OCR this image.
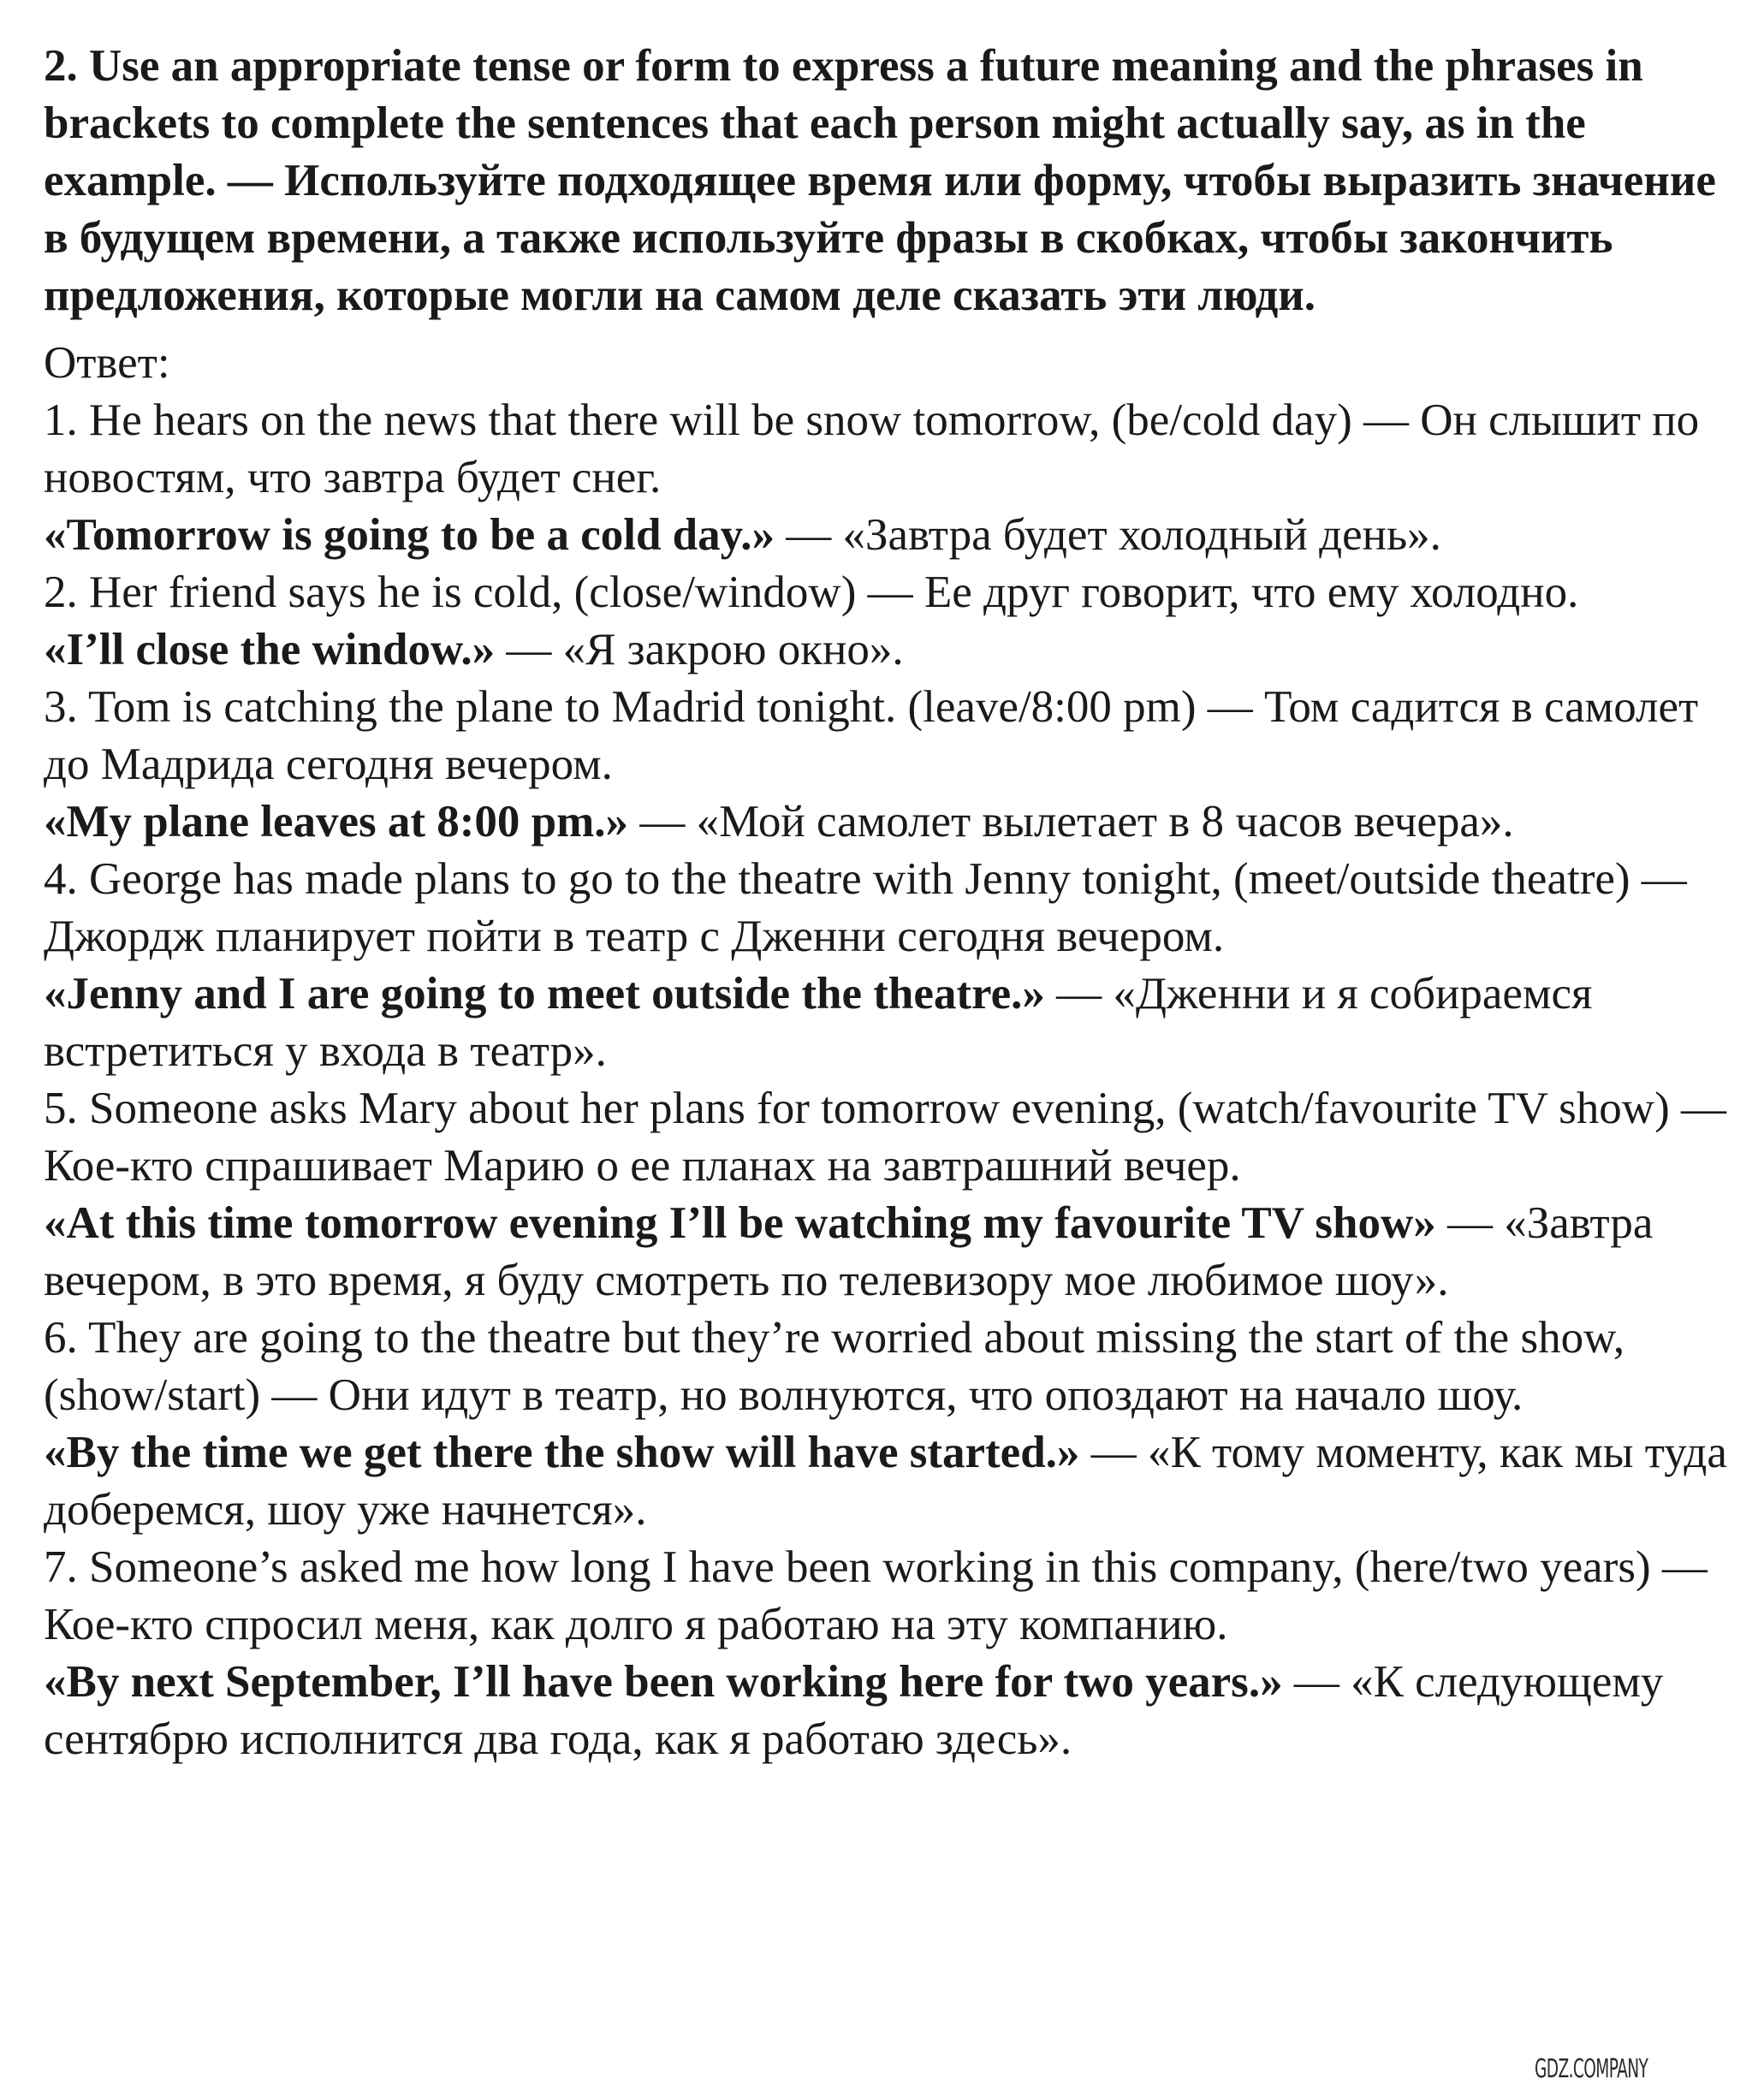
2. Use an appropriate tense or form to express a future meaning and the phrases in brackets to complete the sentences that each person might actually say, as in the example. — Используйте подходящее время или форму, чтобы выразить значение в будущем времени, а также используйте фразы в скобках, чтобы закончить предложения, которые могли на самом деле сказать эти люди.

Ответ:

1. He hears on the news that there will be snow tomorrow, (be/cold day) — Он слышит по новостям, что завтра будет снег.

«Tomorrow is going to be a cold day.» — «Завтра будет холодный день».

2. Her friend says he is cold, (close/window) — Ее друг говорит, что ему холодно.

«I’ll close the window.» — «Я закрою окно».

3. Tom is catching the plane to Madrid tonight. (leave/8:00 pm) — Том садится в самолет до Мадрида сегодня вечером.

«My plane leaves at 8:00 pm.» — «Мой самолет вылетает в 8 часов вечера».

4. George has made plans to go to the theatre with Jenny tonight, (meet/outside theatre) — Джордж планирует пойти в театр с Дженни сегодня вечером.

«Jenny and I are going to meet outside the theatre.» — «Дженни и я собираемся встретиться у входа в театр».

5. Someone asks Mary about her plans for tomorrow evening, (watch/favourite TV show) — Кое-кто спрашивает Марию о ее планах на завтрашний вечер.

«At this time tomorrow evening I’ll be watching my favourite TV show» — «Завтра вечером, в это время, я буду смотреть по телевизору мое любимое шоу».

6. They are going to the theatre but they’re worried about missing the start of the show, (show/start) — Они идут в театр, но волнуются, что опоздают на начало шоу.

«By the time we get there the show will have started.» — «К тому моменту, как мы туда доберемся, шоу уже начнется».

7. Someone’s asked me how long I have been working in this company, (here/two years) — Кое-кто спросил меня, как долго я работаю на эту компанию.

«By next September, I’ll have been working here for two years.» — «К следующему сентябрю исполнится два года, как я работаю здесь».

GDZ.COMPANY
